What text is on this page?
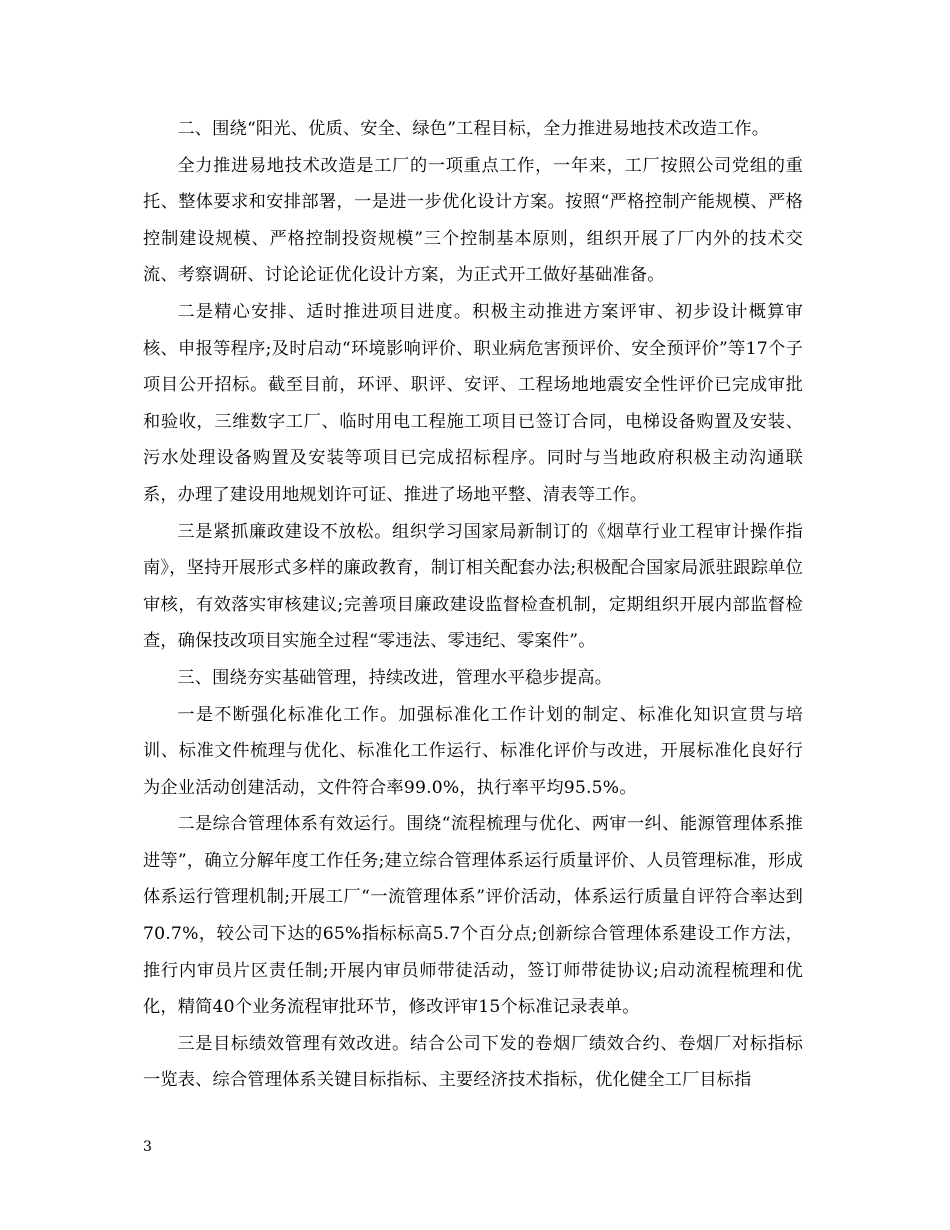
二、围绕“阳光、优质、安全、绿色”工程目标，全力推进易地技术改造工作。

全力推进易地技术改造是工厂的一项重点工作，一年来，工厂按照公司党组的重托、整体要求和安排部署，一是进一步优化设计方案。按照“严格控制产能规模、严格控制建设规模、严格控制投资规模”三个控制基本原则，组织开展了厂内外的技术交流、考察调研、讨论论证优化设计方案，为正式开工做好基础准备。

二是精心安排、适时推进项目进度。积极主动推进方案评审、初步设计概算审核、申报等程序;及时启动“环境影响评价、职业病危害预评价、安全预评价”等17个子项目公开招标。截至目前，环评、职评、安评、工程场地地震安全性评价已完成审批和验收，三维数字工厂、临时用电工程施工项目已签订合同，电梯设备购置及安装、污水处理设备购置及安装等项目已完成招标程序。同时与当地政府积极主动沟通联系，办理了建设用地规划许可证、推进了场地平整、清表等工作。

三是紧抓廉政建设不放松。组织学习国家局新制订的《烟草行业工程审计操作指南》，坚持开展形式多样的廉政教育，制订相关配套办法;积极配合国家局派驻跟踪单位审核，有效落实审核建议;完善项目廉政建设监督检查机制，定期组织开展内部监督检查，确保技改项目实施全过程“零违法、零违纪、零案件”。

三、围绕夯实基础管理，持续改进，管理水平稳步提高。

一是不断强化标准化工作。加强标准化工作计划的制定、标准化知识宣贯与培训、标准文件梳理与优化、标准化工作运行、标准化评价与改进，开展标准化良好行为企业活动创建活动，文件符合率99.0%，执行率平均95.5%。

二是综合管理体系有效运行。围绕“流程梳理与优化、两审一纠、能源管理体系推进等”，确立分解年度工作任务;建立综合管理体系运行质量评价、人员管理标准，形成体系运行管理机制;开展工厂“一流管理体系”评价活动，体系运行质量自评符合率达到70.7%，较公司下达的65%指标标高5.7个百分点;创新综合管理体系建设工作方法，推行内审员片区责任制;开展内审员师带徒活动，签订师带徒协议;启动流程梳理和优化，精简40个业务流程审批环节，修改评审15个标准记录表单。

三是目标绩效管理有效改进。结合公司下发的卷烟厂绩效合约、卷烟厂对标指标一览表、综合管理体系关键目标指标、主要经济技术指标，优化健全工厂目标指

3
